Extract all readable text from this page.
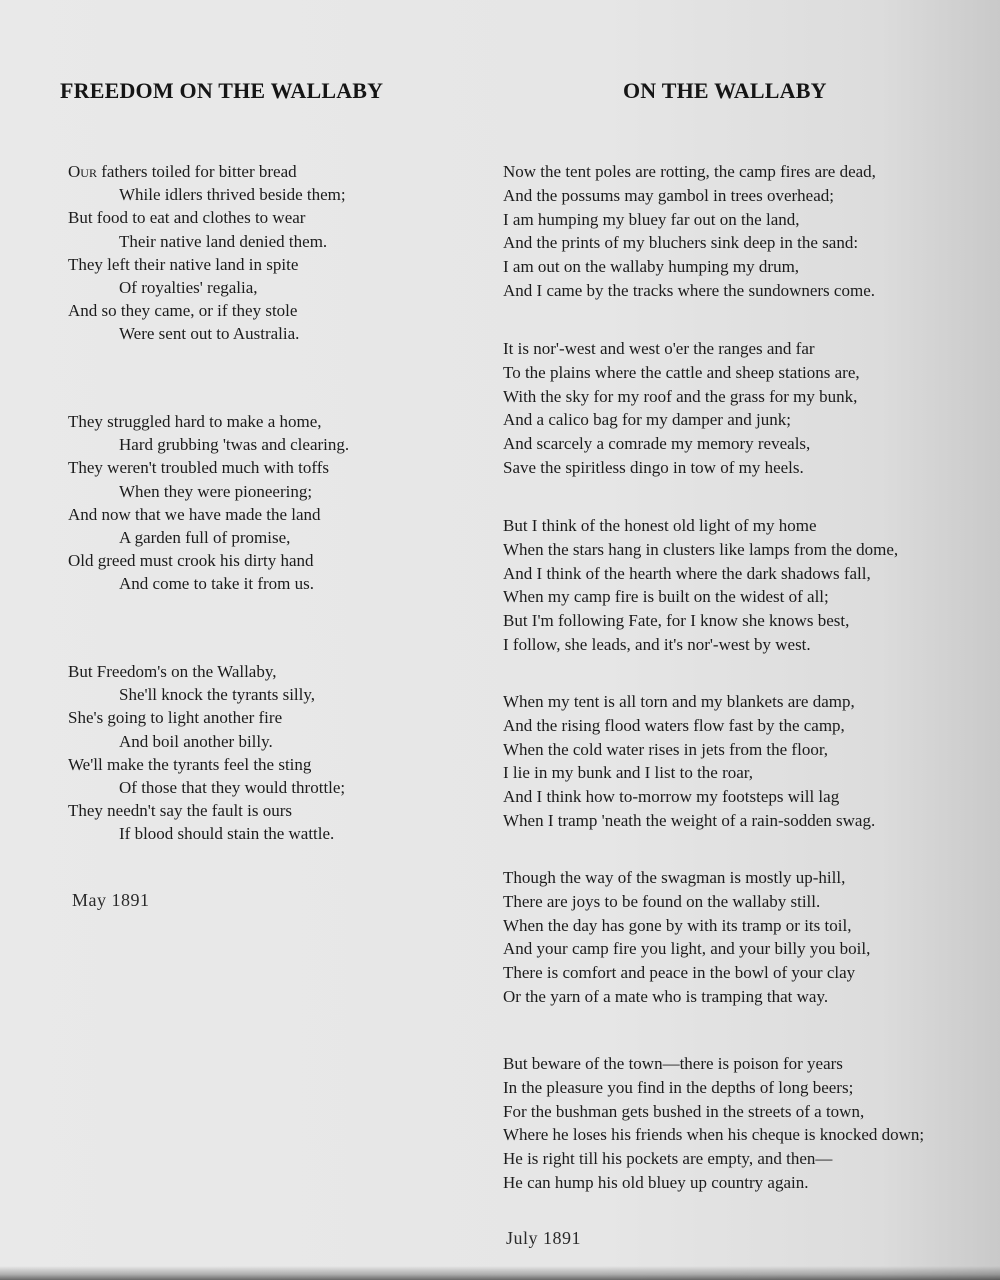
FREEDOM ON THE WALLABY	ON THE WALLABY
Our fathers toiled for bitter bread
While idlers thrived beside them;
But food to eat and clothes to wear
Their native land denied them.
They left their native land in spite
Of royalties' regalia,
And so they came, or if they stole
Were sent out to Australia.
They struggled hard to make a home,
Hard grubbing 'twas and clearing.
They weren't troubled much with toffs
When they were pioneering;
And now that we have made the land
A garden full of promise,
Old greed must crook his dirty hand
And come to take it from us.
But Freedom's on the Wallaby,
She'll knock the tyrants silly,
She's going to light another fire
And boil another billy.
We'll make the tyrants feel the sting
Of those that they would throttle;
They needn't say the fault is ours
If blood should stain the wattle.
May 1891
Now the tent poles are rotting, the camp fires are dead,
And the possums may gambol in trees overhead;
I am humping my bluey far out on the land,
And the prints of my bluchers sink deep in the sand:
I am out on the wallaby humping my drum,
And I came by the tracks where the sundowners come.
It is nor'-west and west o'er the ranges and far
To the plains where the cattle and sheep stations are,
With the sky for my roof and the grass for my bunk,
And a calico bag for my damper and junk;
And scarcely a comrade my memory reveals,
Save the spiritless dingo in tow of my heels.
But I think of the honest old light of my home
When the stars hang in clusters like lamps from the dome,
And I think of the hearth where the dark shadows fall,
When my camp fire is built on the widest of all;
But I'm following Fate, for I know she knows best,
I follow, she leads, and it's nor'-west by west.
When my tent is all torn and my blankets are damp,
And the rising flood waters flow fast by the camp,
When the cold water rises in jets from the floor,
I lie in my bunk and I list to the roar,
And I think how to-morrow my footsteps will lag
When I tramp 'neath the weight of a rain-sodden swag.
Though the way of the swagman is mostly up-hill,
There are joys to be found on the wallaby still.
When the day has gone by with its tramp or its toil,
And your camp fire you light, and your billy you boil,
There is comfort and peace in the bowl of your clay
Or the yarn of a mate who is tramping that way.
But beware of the town—there is poison for years
In the pleasure you find in the depths of long beers;
For the bushman gets bushed in the streets of a town,
Where he loses his friends when his cheque is knocked down;
He is right till his pockets are empty, and then—
He can hump his old bluey up country again.
July 1891
